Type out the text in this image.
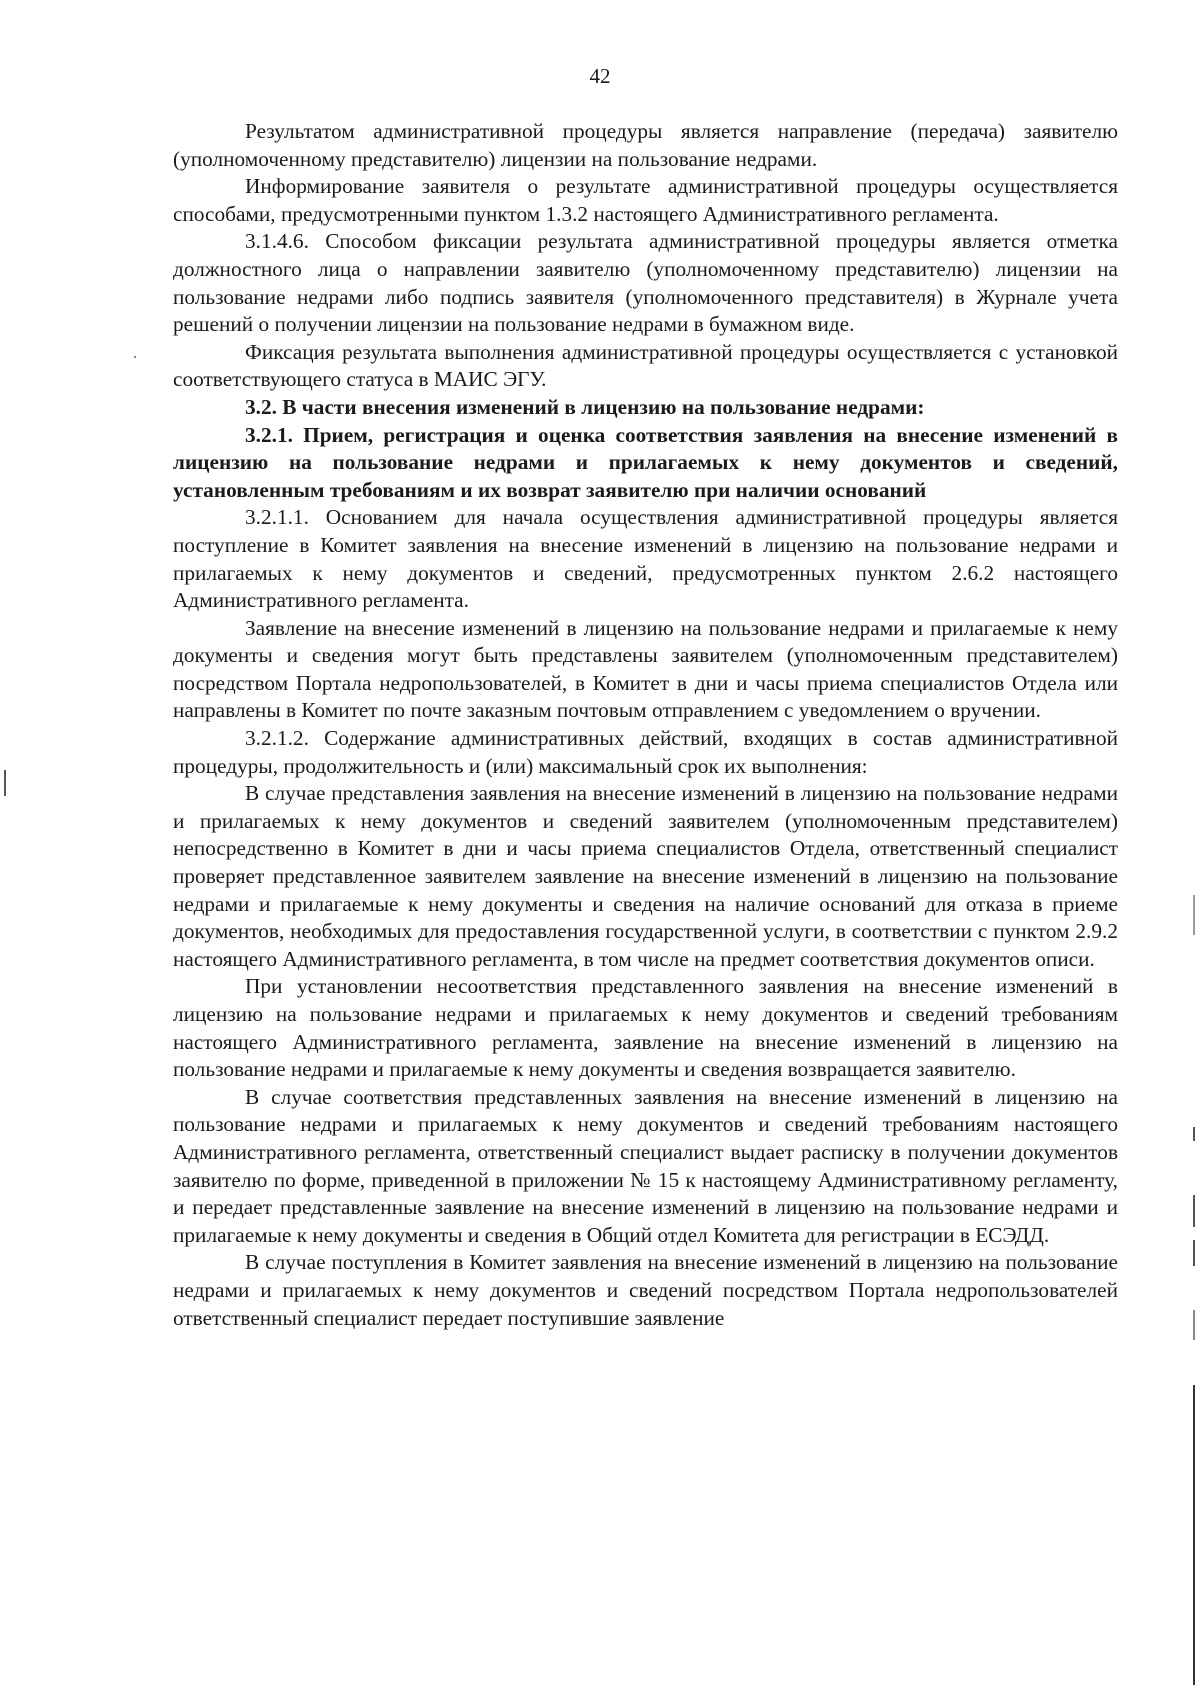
42

Результатом административной процедуры является направление (передача) заявителю (уполномоченному представителю) лицензии на пользование недрами.

Информирование заявителя о результате административной процедуры осуществляется способами, предусмотренными пунктом 1.3.2 настоящего Административного регламента.

3.1.4.6. Способом фиксации результата административной процедуры является отметка должностного лица о направлении заявителю (уполномоченному представителю) лицензии на пользование недрами либо подпись заявителя (уполномоченного представителя) в Журнале учета решений о получении лицензии на пользование недрами в бумажном виде.

Фиксация результата выполнения административной процедуры осуществляется с установкой соответствующего статуса в МАИС ЭГУ.

3.2. В части внесения изменений в лицензию на пользование недрами:

3.2.1. Прием, регистрация и оценка соответствия заявления на внесение изменений в лицензию на пользование недрами и прилагаемых к нему документов и сведений, установленным требованиям и их возврат заявителю при наличии оснований

3.2.1.1. Основанием для начала осуществления административной процедуры является поступление в Комитет заявления на внесение изменений в лицензию на пользование недрами и прилагаемых к нему документов и сведений, предусмотренных пунктом 2.6.2 настоящего Административного регламента.

Заявление на внесение изменений в лицензию на пользование недрами и прилагаемые к нему документы и сведения могут быть представлены заявителем (уполномоченным представителем) посредством Портала недропользователей, в Комитет в дни и часы приема специалистов Отдела или направлены в Комитет по почте заказным почтовым отправлением с уведомлением о вручении.

3.2.1.2. Содержание административных действий, входящих в состав административной процедуры, продолжительность и (или) максимальный срок их выполнения:

В случае представления заявления на внесение изменений в лицензию на пользование недрами и прилагаемых к нему документов и сведений заявителем (уполномоченным представителем) непосредственно в Комитет в дни и часы приема специалистов Отдела, ответственный специалист проверяет представленное заявителем заявление на внесение изменений в лицензию на пользование недрами и прилагаемые к нему документы и сведения на наличие оснований для отказа в приеме документов, необходимых для предоставления государственной услуги, в соответствии с пунктом 2.9.2 настоящего Административного регламента, в том числе на предмет соответствия документов описи.

При установлении несоответствия представленного заявления на внесение изменений в лицензию на пользование недрами и прилагаемых к нему документов и сведений требованиям настоящего Административного регламента, заявление на внесение изменений в лицензию на пользование недрами и прилагаемые к нему документы и сведения возвращается заявителю.

В случае соответствия представленных заявления на внесение изменений в лицензию на пользование недрами и прилагаемых к нему документов и сведений требованиям настоящего Административного регламента, ответственный специалист выдает расписку в получении документов заявителю по форме, приведенной в приложении № 15 к настоящему Административному регламенту, и передает представленные заявление на внесение изменений в лицензию на пользование недрами и прилагаемые к нему документы и сведения в Общий отдел Комитета для регистрации в ЕСЭДД.

В случае поступления в Комитет заявления на внесение изменений в лицензию на пользование недрами и прилагаемых к нему документов и сведений посредством Портала недропользователей ответственный специалист передает поступившие заявление
